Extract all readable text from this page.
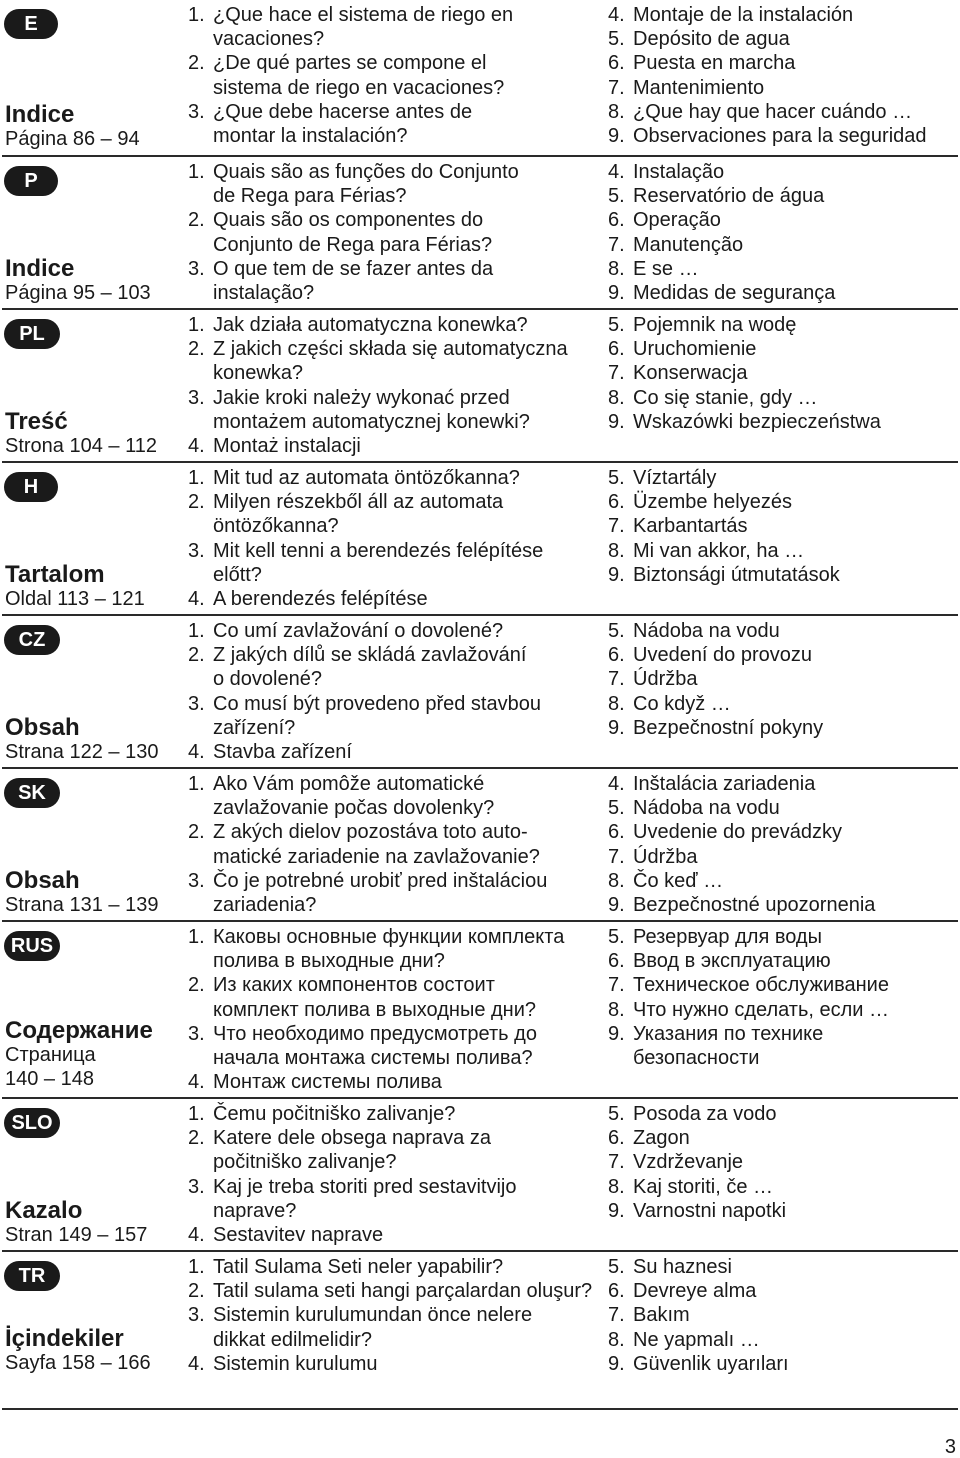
E
Indice
Página 86 – 94
1. ¿Que hace el sistema de riego en
vacaciones?
2. ¿De qué partes se compone el
sistema de riego en vacaciones?
3. ¿Que debe hacerse antes de
montar la instalación?
4. Montaje de la instalación
5. Depósito de agua
6. Puesta en marcha
7. Mantenimiento
8. ¿Que hay que hacer cuándo …
9. Observaciones para la seguridad
P
Indice
Página 95 – 103
1. Quais são as funções do Conjunto
de Rega para Férias?
2. Quais são os componentes do
Conjunto de Rega para Férias?
3. O que tem de se fazer antes da
instalação?
4. Instalação
5. Reservatório de água
6. Operação
7. Manutenção
8. E se …
9. Medidas de segurança
PL
Treść
Strona 104 – 112
1. Jak działa automatyczna konewka?
2. Z jakich części składa się automatyczna
konewka?
3. Jakie kroki należy wykonać przed
montażem automatycznej konewki?
4. Montaż instalacji
5. Pojemnik na wodę
6. Uruchomienie
7. Konserwacja
8. Co się stanie, gdy …
9. Wskazówki bezpieczeństwa
H
Tartalom
Oldal 113 – 121
1. Mit tud az automata öntözőkanna?
2. Milyen részekből áll az automata
öntözőkanna?
3. Mit kell tenni a berendezés felépítése
előtt?
4. A berendezés felépítése
5. Víztartály
6. Üzembe helyezés
7. Karbantartás
8. Mi van akkor, ha …
9. Biztonsági útmutatások
CZ
Obsah
Strana 122 – 130
1. Co umí zavlažování o dovolené?
2. Z jakých dílů se skládá zavlažování
o dovolené?
3. Co musí být provedeno před stavbou
zařízení?
4. Stavba zařízení
5. Nádoba na vodu
6. Uvedení do provozu
7. Údržba
8. Co když …
9. Bezpečnostní pokyny
SK
Obsah
Strana 131 – 139
1. Ako Vám pomôže automatické
zavlažovanie počas dovolenky?
2. Z akých dielov pozostáva toto auto-
matické zariadenie na zavlažovanie?
3. Čo je potrebné urobiť pred inštaláciou
zariadenia?
4. Inštalácia zariadenia
5. Nádoba na vodu
6. Uvedenie do prevádzky
7. Údržba
8. Čo keď …
9. Bezpečnostné upozornenia
RUS
Содержание
Страница
140 – 148
1. Каковы основные функции комплекта
полива в выходные дни?
2. Из каких компонентов состоит
комплект полива в выходные дни?
3. Что необходимо предусмотреть до
начала монтажа системы полива?
4. Монтаж системы полива
5. Резервуар для воды
6. Ввод в эксплуатацию
7. Техническое обслуживание
8. Что нужно сделать, если …
9. Указания по технике
безопасности
SLO
Kazalo
Stran 149 – 157
1. Čemu počitniško zalivanje?
2. Katere dele obsega naprava za
počitniško zalivanje?
3. Kaj je treba storiti pred sestavitvijo
naprave?
4. Sestavitev naprave
5. Posoda za vodo
6. Zagon
7. Vzdrževanje
8. Kaj storiti, če …
9. Varnostni napotki
TR
İçindekiler
Sayfa 158 – 166
1. Tatil Sulama Seti neler yapabilir?
2. Tatil sulama seti hangi parçalardan oluşur?
3. Sistemin kurulumundan önce nelere
dikkat edilmelidir?
4. Sistemin kurulumu
5. Su haznesi
6. Devreye alma
7. Bakım
8. Ne yapmalı …
9. Güvenlik uyarıları
3
